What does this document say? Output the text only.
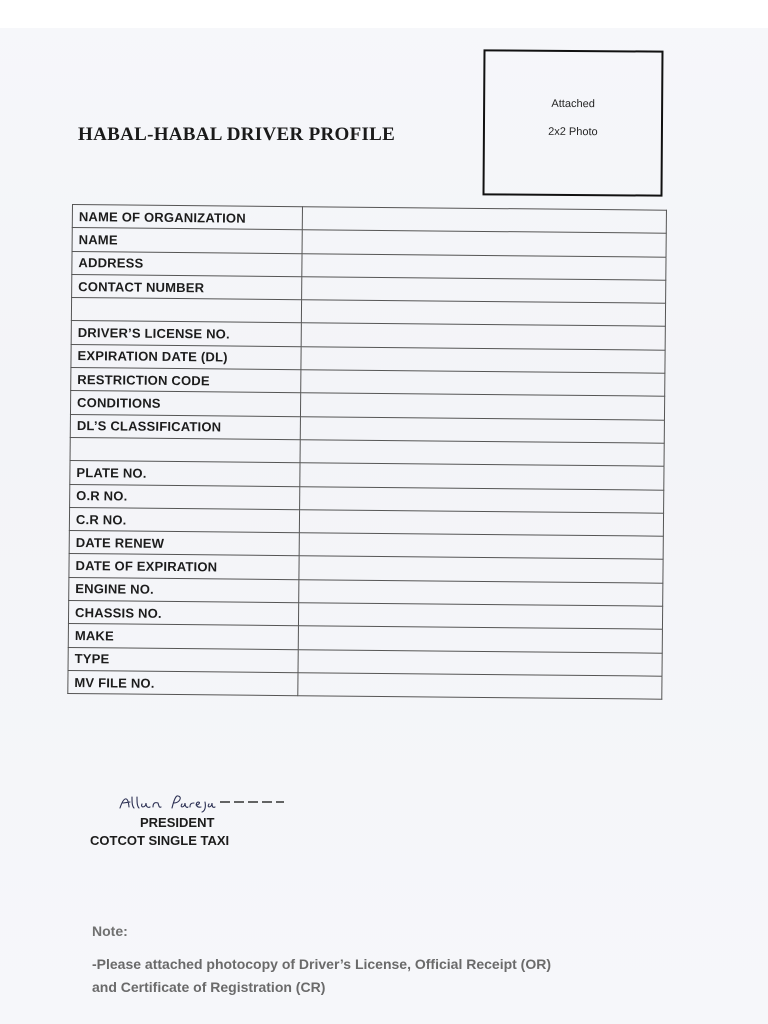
HABAL-HABAL DRIVER PROFILE
Attached
2x2 Photo
NAME OF ORGANIZATION	
NAME	
ADDRESS	
CONTACT NUMBER	

DRIVER’S LICENSE NO.	
EXPIRATION DATE (DL)	
RESTRICTION CODE	
CONDITIONS	
DL’S CLASSIFICATION	

PLATE NO.	
O.R NO.	
C.R NO.	
DATE RENEW	
DATE OF EXPIRATION	
ENGINE NO.	
CHASSIS NO.	
MAKE	
TYPE	
MV FILE NO.	
PRESIDENT
COTCOT SINGLE TAXI
Note:
-Please attached photocopy of Driver’s License, Official Receipt (OR)
and Certificate of Registration (CR)
